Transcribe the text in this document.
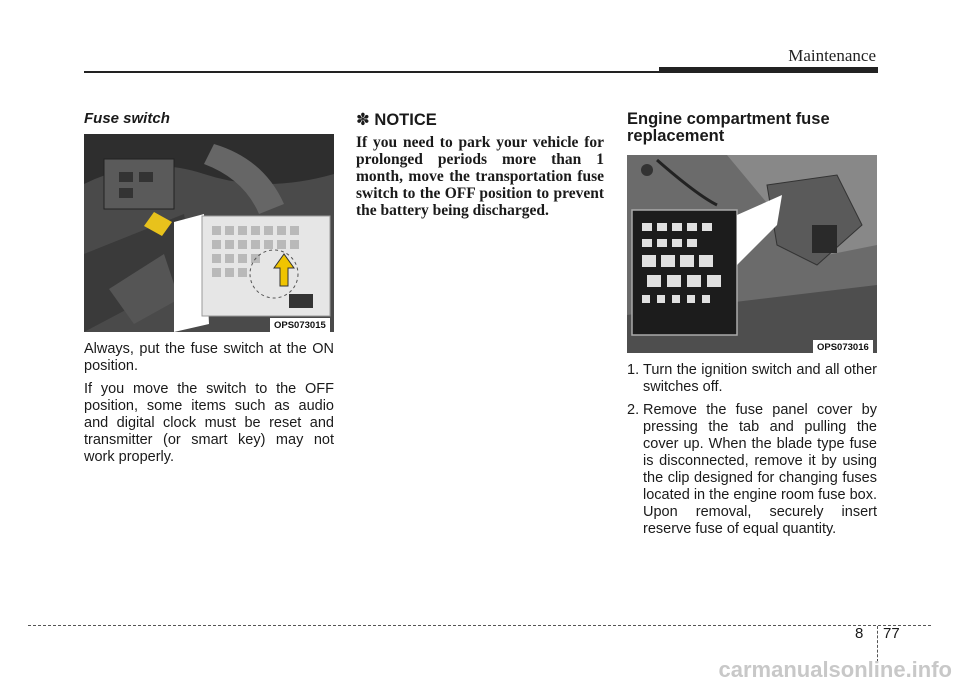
Maintenance
Fuse switch
OPS073015

Always, put the fuse switch at the ON position.

If you move the switch to the OFF position, some items such as audio and digital clock must be reset and transmitter (or smart key) may not work properly.

✽ NOTICE
If you need to park your vehicle for prolonged periods more than 1 month, move the transportation fuse switch to the OFF position to prevent the battery being discharged.
Engine compartment fuse replacement
OPS073016
1. Turn the ignition switch and all other switches off.
2. Remove the fuse panel cover by pressing the tab and pulling the cover up. When the blade type fuse is disconnected, remove it by using the clip designed for changing fuses located in the engine room fuse box. Upon removal, securely insert reserve fuse of equal quantity.
8 77
carmanualsonline.info
